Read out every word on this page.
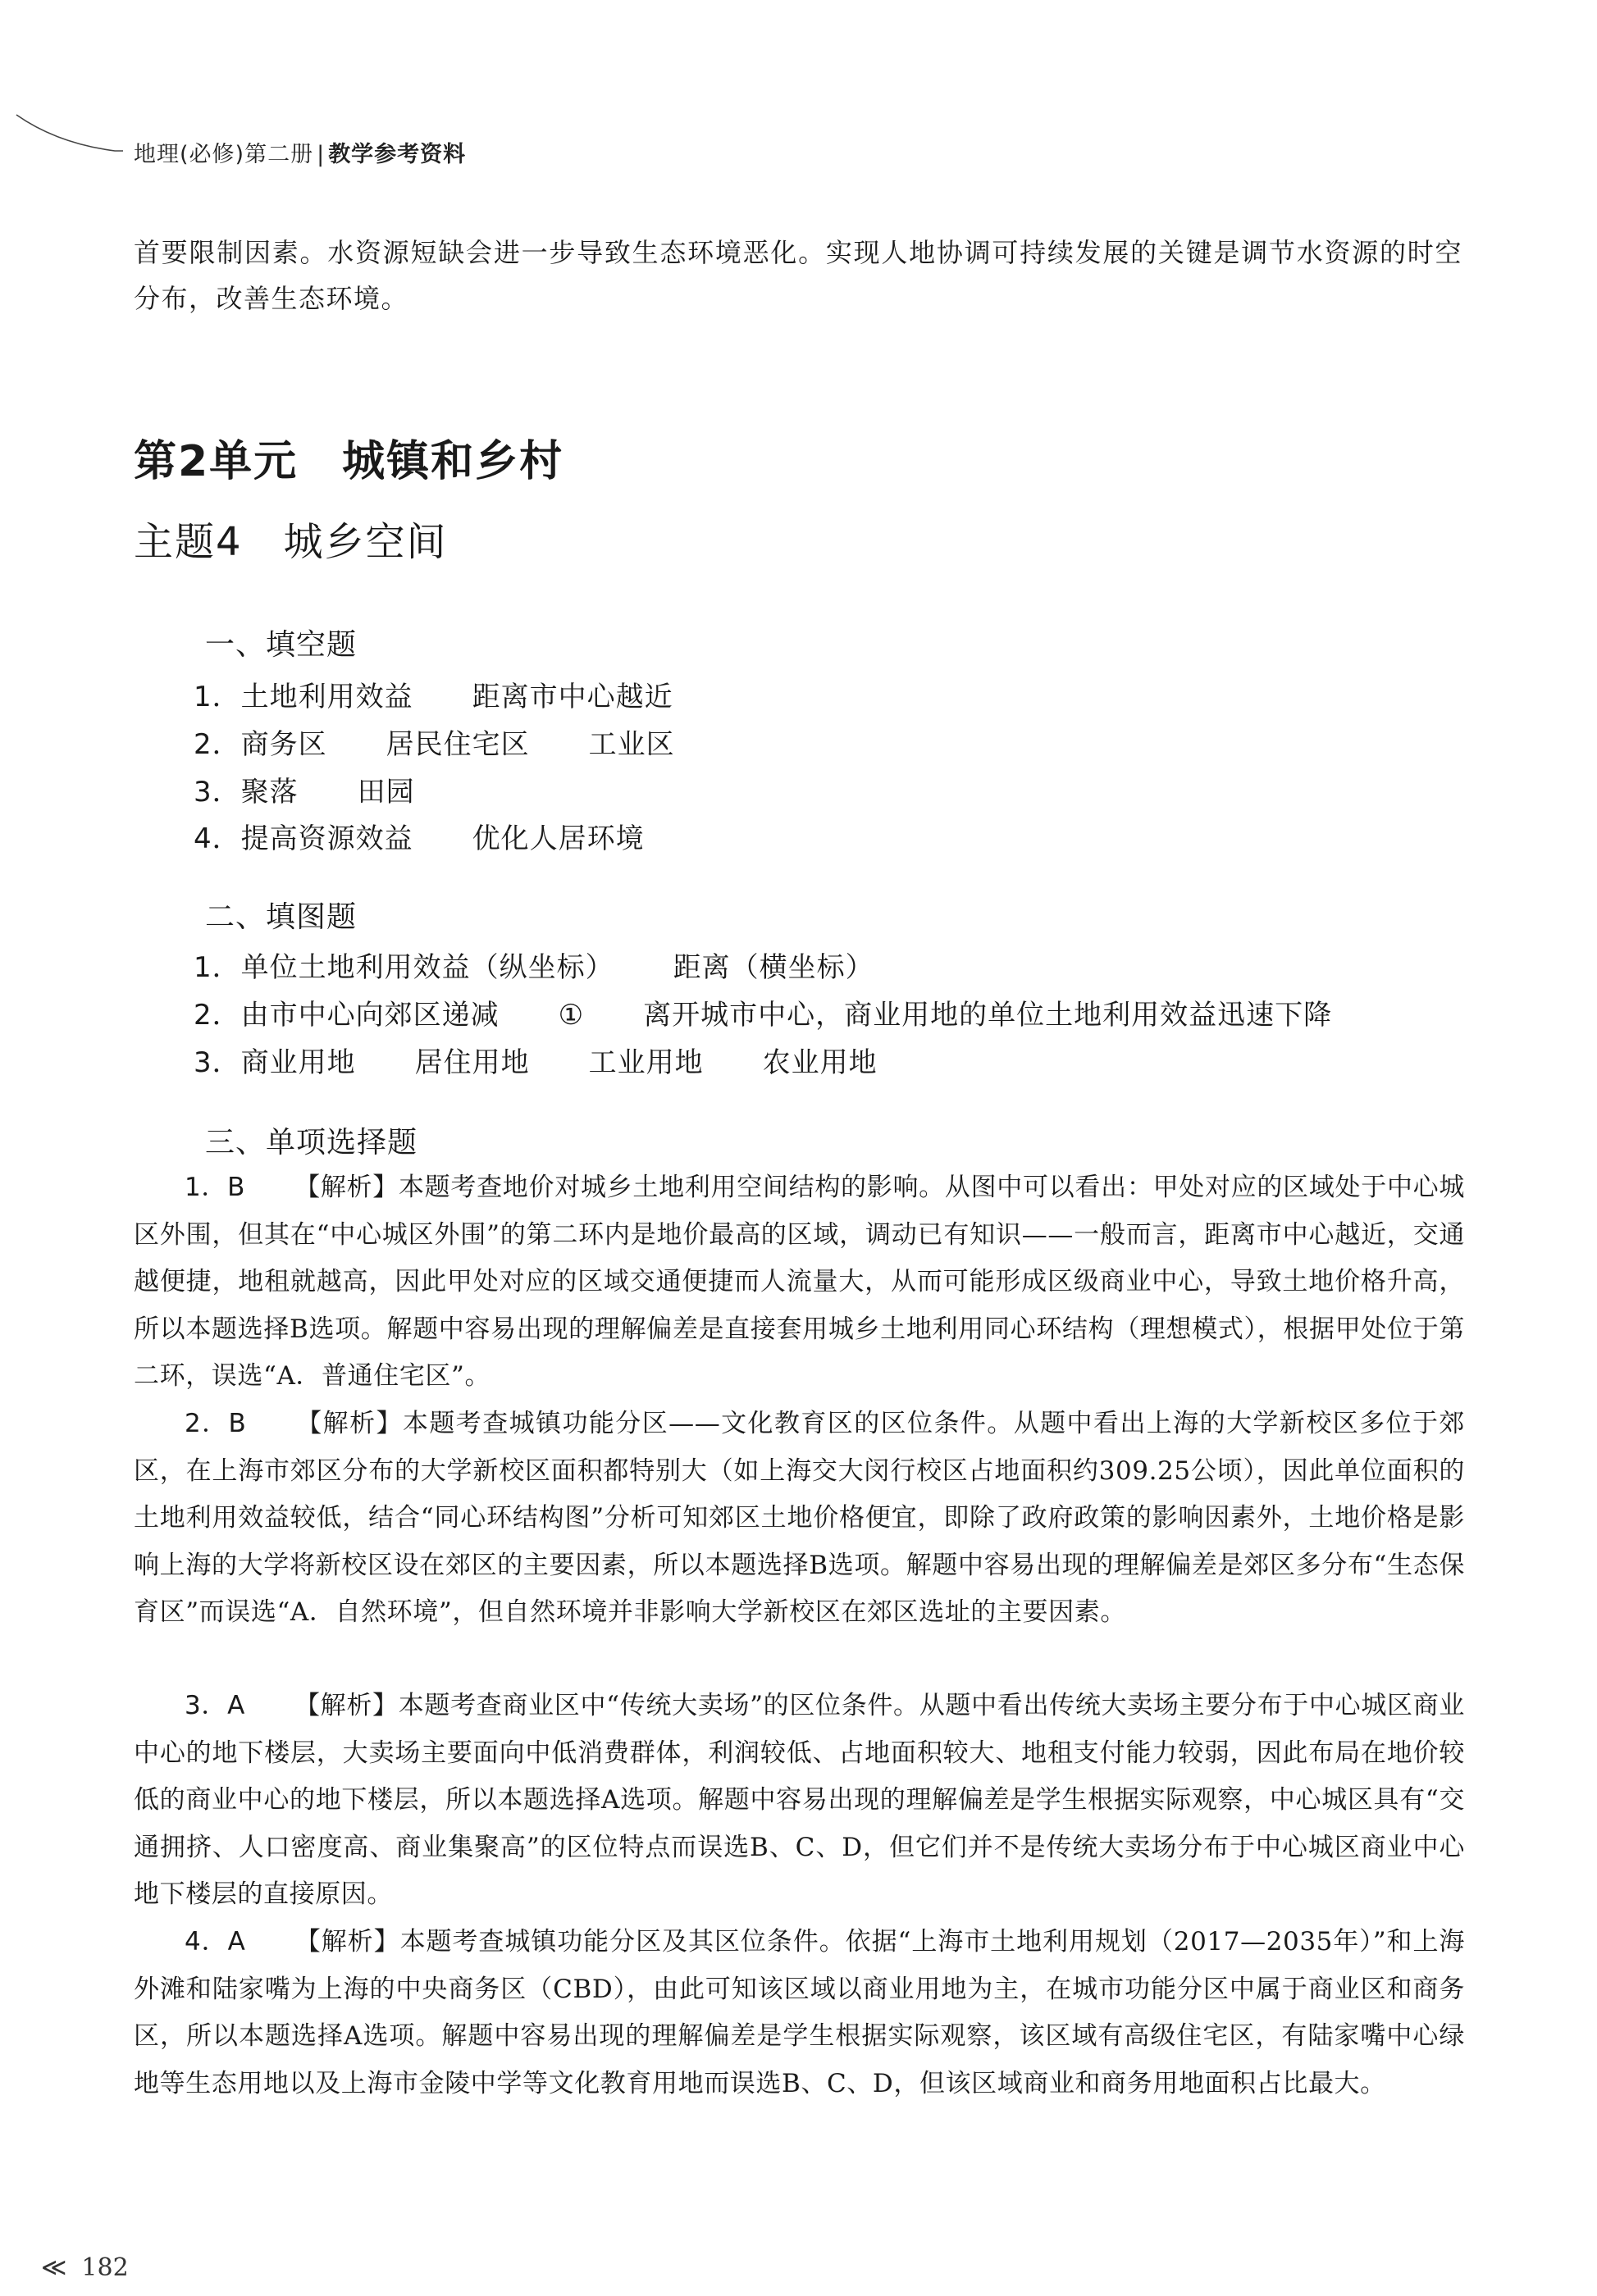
地理(必修)第二册 | 教学参考资料
首要限制因素。水资源短缺会进一步导致生态环境恶化。实现人地协调可持续发展的关键是调节水资源的时空分布，改善生态环境。
第2单元　城镇和乡村
主题4　城乡空间
一、填空题
1．土地利用效益 距离市中心越近
2．商务区 居民住宅区 工业区
3．聚落 田园
4．提高资源效益 优化人居环境
二、填图题
1．单位土地利用效益（纵坐标） 距离（横坐标）
2．由市中心向郊区递减 ① 离开城市中心，商业用地的单位土地利用效益迅速下降
3．商业用地 居住用地 工业用地 农业用地
三、单项选择题
1．B 【解析】本题考查地价对城乡土地利用空间结构的影响。从图中可以看出：甲处对应的区域处于中心城区外围，但其在“中心城区外围”的第二环内是地价最高的区域，调动已有知识——一般而言，距离市中心越近，交通越便捷，地租就越高，因此甲处对应的区域交通便捷而人流量大，从而可能形成区级商业中心，导致土地价格升高，所以本题选择B选项。解题中容易出现的理解偏差是直接套用城乡土地利用同心环结构（理想模式），根据甲处位于第二环，误选“A．普通住宅区”。
2．B 【解析】本题考查城镇功能分区——文化教育区的区位条件。从题中看出上海的大学新校区多位于郊区，在上海市郊区分布的大学新校区面积都特别大（如上海交大闵行校区占地面积约309.25公顷），因此单位面积的土地利用效益较低，结合“同心环结构图”分析可知郊区土地价格便宜，即除了政府政策的影响因素外，土地价格是影响上海的大学将新校区设在郊区的主要因素，所以本题选择B选项。解题中容易出现的理解偏差是郊区多分布“生态保育区”而误选“A．自然环境”，但自然环境并非影响大学新校区在郊区选址的主要因素。
3．A 【解析】本题考查商业区中“传统大卖场”的区位条件。从题中看出传统大卖场主要分布于中心城区商业中心的地下楼层，大卖场主要面向中低消费群体，利润较低、占地面积较大、地租支付能力较弱，因此布局在地价较低的商业中心的地下楼层，所以本题选择A选项。解题中容易出现的理解偏差是学生根据实际观察，中心城区具有“交通拥挤、人口密度高、商业集聚高”的区位特点而误选B、C、D，但它们并不是传统大卖场分布于中心城区商业中心地下楼层的直接原因。
4．A 【解析】本题考查城镇功能分区及其区位条件。依据“上海市土地利用规划（2017—2035年）”和上海外滩和陆家嘴为上海的中央商务区（CBD），由此可知该区域以商业用地为主，在城市功能分区中属于商业区和商务区，所以本题选择A选项。解题中容易出现的理解偏差是学生根据实际观察，该区域有高级住宅区，有陆家嘴中心绿地等生态用地以及上海市金陵中学等文化教育用地而误选B、C、D，但该区域商业和商务用地面积占比最大。
≪ 182
